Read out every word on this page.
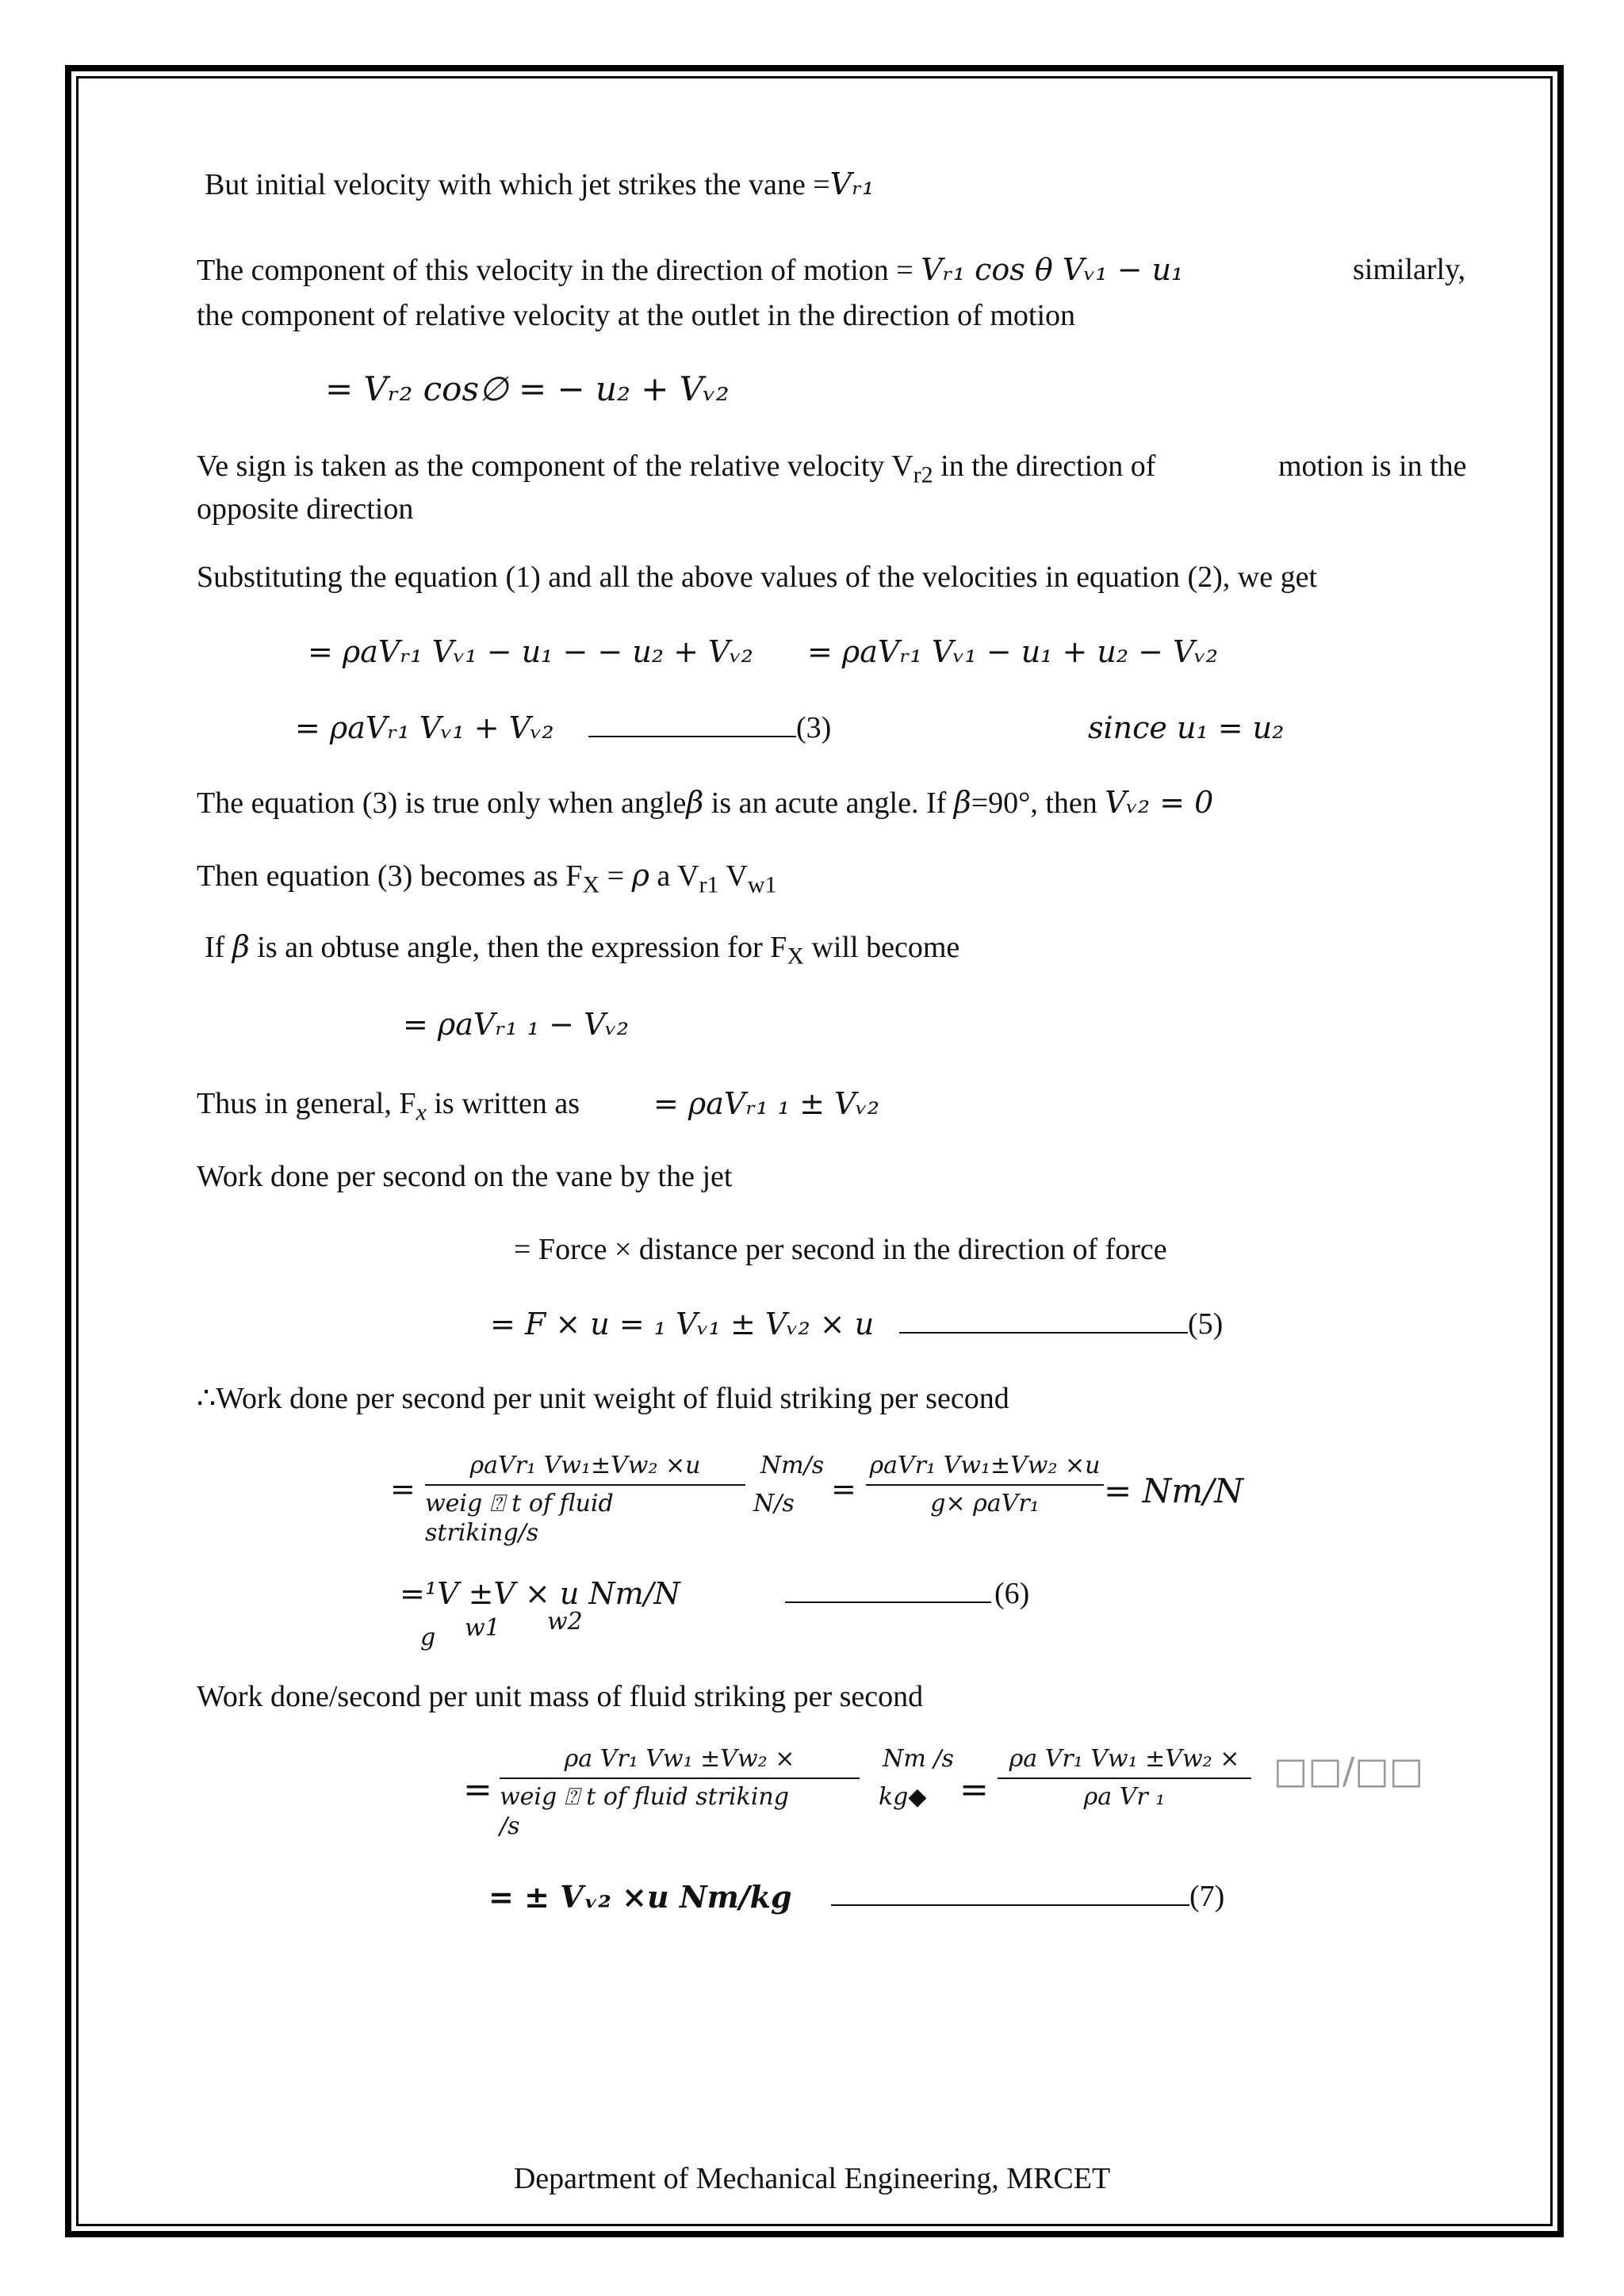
But initial velocity with which jet strikes the vane =Vᵣ₁
The component of this velocity in the direction of motion = Vᵣ₁ cos θ Vᵥ₁ − u₁	similarly,
the component of relative velocity at the outlet in the direction of motion
= Vᵣ₂ cos∅ = − u₂ + Vᵥ₂
Ve sign is taken as the component of the relative velocity $V_{r2}$ in the direction of	motion is in the
opposite direction
Substituting the equation (1) and all the above values of the velocities in equation (2), we get
= ρaVᵣ₁ Vᵥ₁ − u₁ − − u₂ + Vᵥ₂ = ρaVᵣ₁ Vᵥ₁ − u₁ + u₂ − Vᵥ₂
= ρaVᵣ₁ Vᵥ₁ + Vᵥ₂	(3)	since u₁ = u₂
The equation (3) is true only when angleβ is an acute angle. If β=90°, then Vᵥ₂ = 0
Then equation (3) becomes as $F_X = \rho$ a $V_{r1}$ $V_{w1}$
If β is an obtuse angle, then the expression for $F_X$ will become
= ρaVᵣ₁ ₁ − Vᵥ₂
Thus in general, $F_x$ is written as = ρaVᵣ₁ ₁ ± Vᵥ₂
Work done per second on the vane by the jet
= Force × distance per second in the direction of force
= F × u = ₁ Vᵥ₁ ± Vᵥ₂ × u	(5)
∴Work done per second per unit weight of fluid striking per second
=
ρaVr₁ Vw₁±Vw₂ ×u
weig ⍰ t of fluid
striking/s
Nm/s
N/s	=
ρaVr₁ Vw₁±Vw₂ ×u
g× ρaVr₁	= Nm/N
=¹V ±V × u Nm/N
g w1 w2
(6)
Work done/second per unit mass of fluid striking per second
=
ρa Vr₁ Vw₁ ±Vw₂ ×
weig ⍰ t of fluid striking
/s
Nm /s
kg◆ =
ρa Vr₁ Vw₁ ±Vw₂ ×
ρa Vr ₁
□□/□□
= ± Vᵥ₂ ×u Nm/kg	(7)
Department of Mechanical Engineering, MRCET
